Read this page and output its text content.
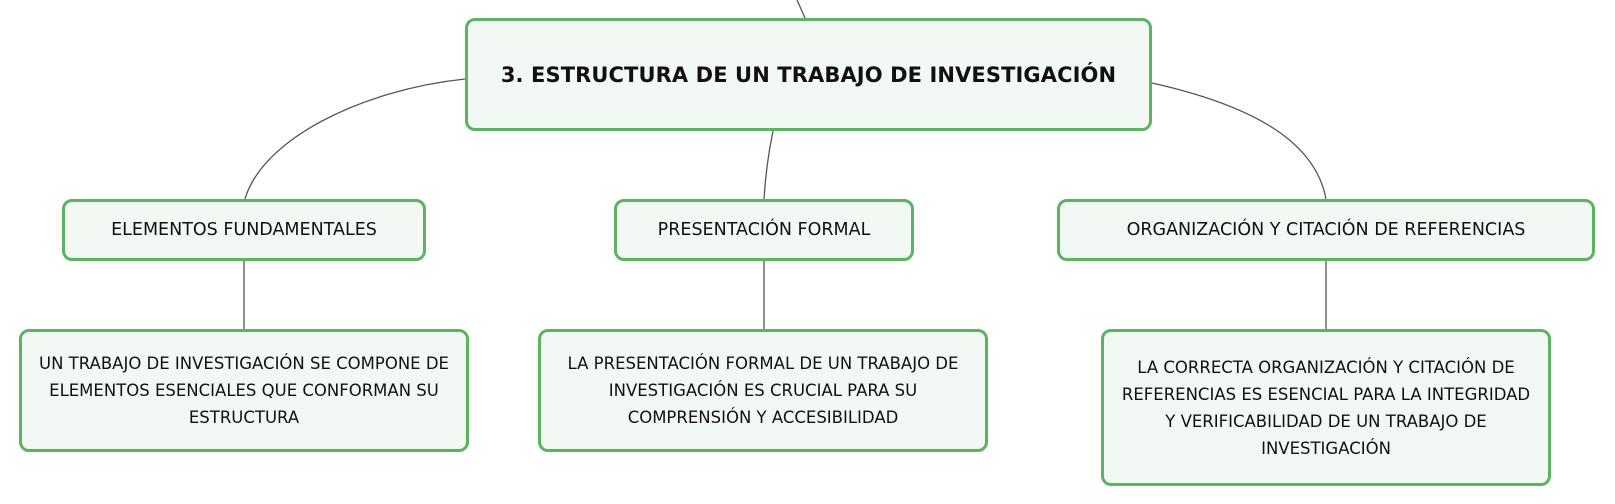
3. ESTRUCTURA DE UN TRABAJO DE INVESTIGACIÓN
ELEMENTOS FUNDAMENTALES	PRESENTACIÓN FORMAL	ORGANIZACIÓN Y CITACIÓN DE REFERENCIAS
UN TRABAJO DE INVESTIGACIÓN SE COMPONE DE ELEMENTOS ESENCIALES QUE CONFORMAN SU ESTRUCTURA
LA PRESENTACIÓN FORMAL DE UN TRABAJO DE INVESTIGACIÓN ES CRUCIAL PARA SU COMPRENSIÓN Y ACCESIBILIDAD
LA CORRECTA ORGANIZACIÓN Y CITACIÓN DE REFERENCIAS ES ESENCIAL PARA LA INTEGRIDAD Y VERIFICABILIDAD DE UN TRABAJO DE INVESTIGACIÓN
